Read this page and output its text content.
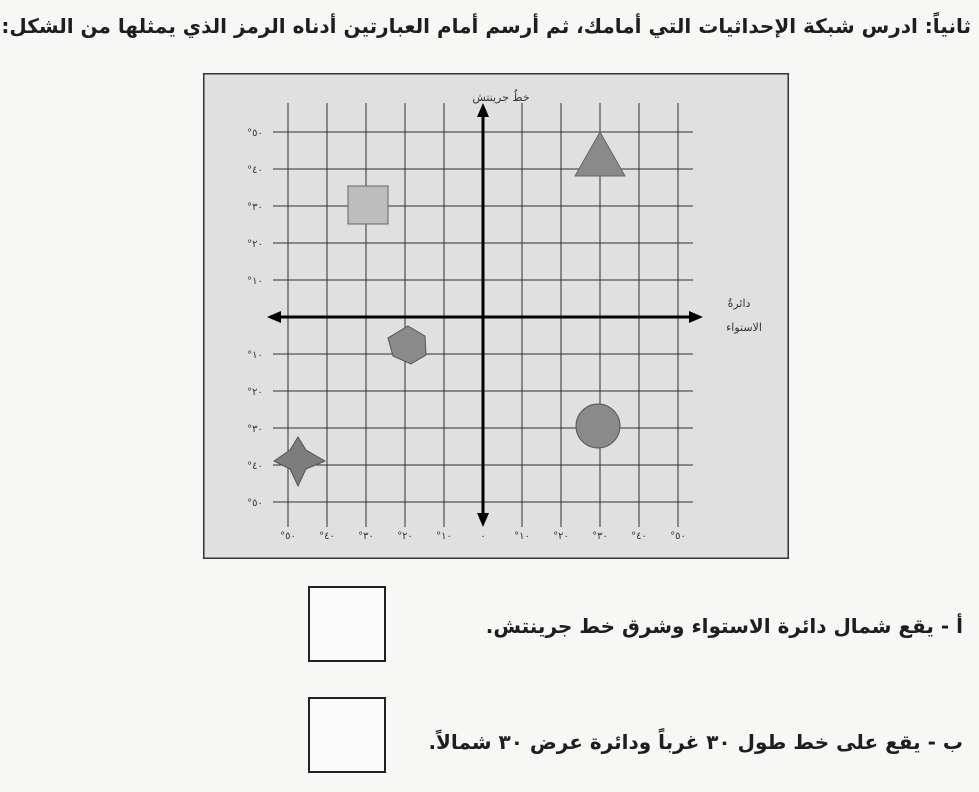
ثانياً: ادرس شبكة الإحداثيات التي أمامك، ثم أرسم أمام العبارتين أدناه الرمز الذي يمثلها من الشكل:
°٥٠
°٤٠
°٣٠
°٢٠
°١٠
°١٠
°٢٠
°٣٠
°٤٠
°٥٠
°٥٠ °٤٠ °٣٠ °٢٠ °١٠	٠	°١٠ °٢٠ °٣٠ °٤٠ °٥٠
خطُ جرينتش
دائرةُ
الاستواء
أ - يقع شمال دائرة الاستواء وشرق خط جرينتش.
ب - يقع على خط طول ٣٠ غرباً ودائرة عرض ٣٠ شمالاً.
